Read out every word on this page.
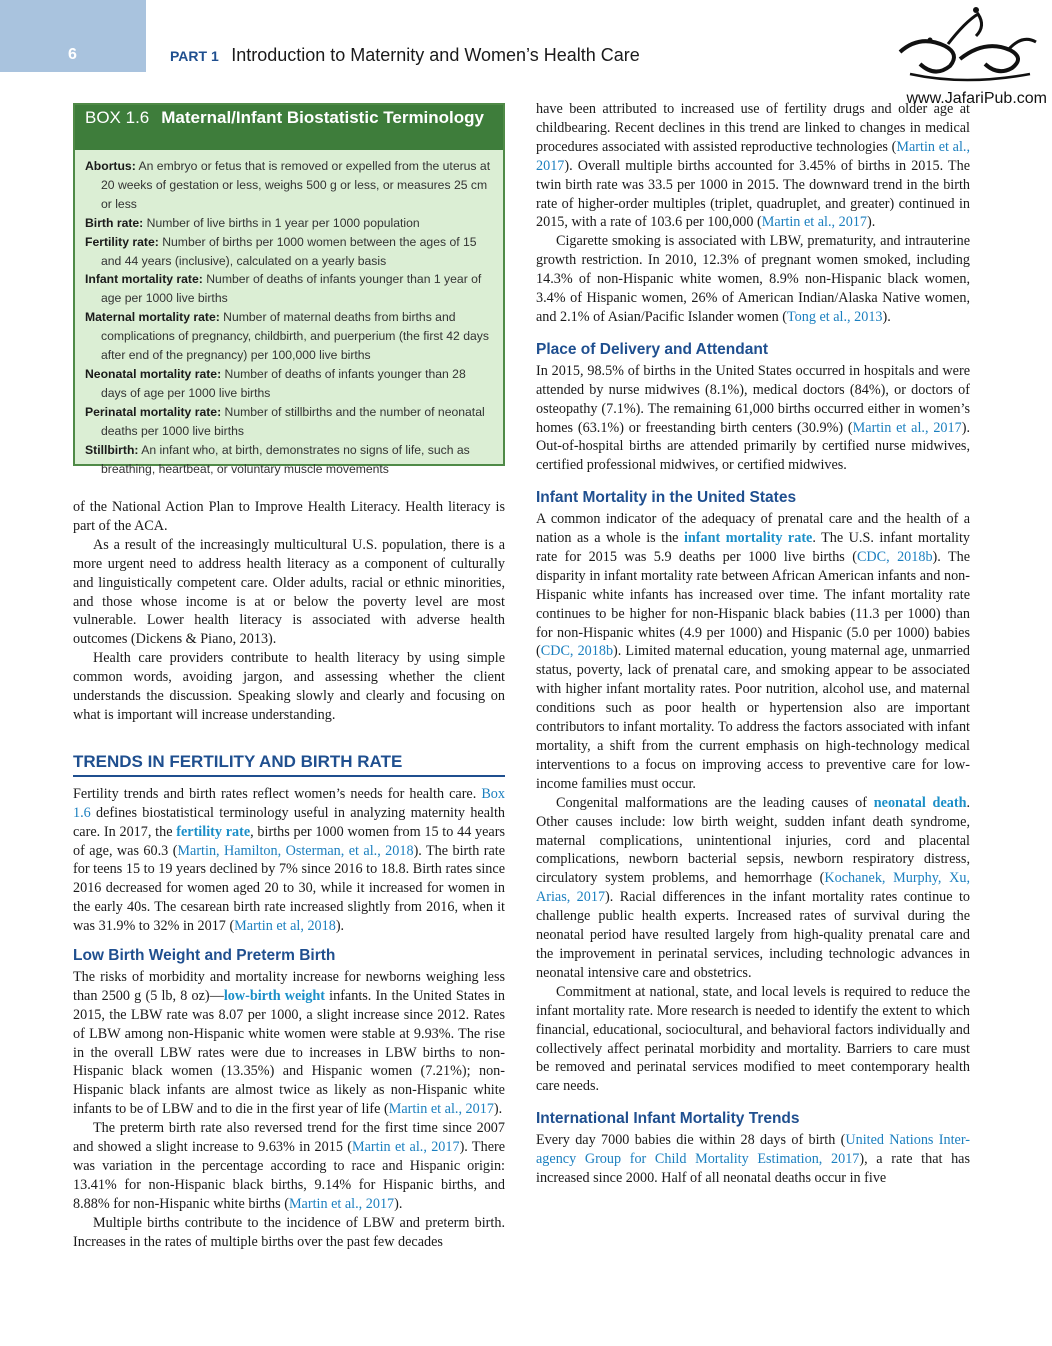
6	PART 1 Introduction to Maternity and Women’s Health Care
www.JafariPub.com
BOX 1.6 Maternal/Infant Biostatistic Terminology
Abortus: An embryo or fetus that is removed or expelled from the uterus at 20 weeks of gestation or less, weighs 500 g or less, or measures 25 cm or less
Birth rate: Number of live births in 1 year per 1000 population
Fertility rate: Number of births per 1000 women between the ages of 15 and 44 years (inclusive), calculated on a yearly basis
Infant mortality rate: Number of deaths of infants younger than 1 year of age per 1000 live births
Maternal mortality rate: Number of maternal deaths from births and complications of pregnancy, childbirth, and puerperium (the first 42 days after end of the pregnancy) per 100,000 live births
Neonatal mortality rate: Number of deaths of infants younger than 28 days of age per 1000 live births
Perinatal mortality rate: Number of stillbirths and the number of neonatal deaths per 1000 live births
Stillbirth: An infant who, at birth, demonstrates no signs of life, such as breathing, heartbeat, or voluntary muscle movements

of the National Action Plan to Improve Health Literacy. Health literacy is part of the ACA.

As a result of the increasingly multicultural U.S. population, there is a more urgent need to address health literacy as a component of culturally and linguistically competent care. Older adults, racial or ethnic minorities, and those whose income is at or below the poverty level are most vulnerable. Lower health literacy is associated with adverse health outcomes (Dickens & Piano, 2013).

Health care providers contribute to health literacy by using simple common words, avoiding jargon, and assessing whether the client understands the discussion. Speaking slowly and clearly and focusing on what is important will increase understanding.

TRENDS IN FERTILITY AND BIRTH RATE

Fertility trends and birth rates reflect women’s needs for health care. Box 1.6 defines biostatistical terminology useful in analyzing maternity health care. In 2017, the fertility rate, births per 1000 women from 15 to 44 years of age, was 60.3 (Martin, Hamilton, Osterman, et al., 2018). The birth rate for teens 15 to 19 years declined by 7% since 2016 to 18.8. Birth rates since 2016 decreased for women aged 20 to 30, while it increased for women in the early 40s. The cesarean birth rate increased slightly from 2016, when it was 31.9% to 32% in 2017 (Martin et al, 2018).

Low Birth Weight and Preterm Birth

The risks of morbidity and mortality increase for newborns weighing less than 2500 g (5 lb, 8 oz)—low-birth weight infants. In the United States in 2015, the LBW rate was 8.07 per 1000, a slight increase since 2012. Rates of LBW among non-Hispanic white women were stable at 9.93%. The rise in the overall LBW rates were due to increases in LBW births to non-Hispanic black women (13.35%) and Hispanic women (7.21%); non-Hispanic black infants are almost twice as likely as non-Hispanic white infants to be of LBW and to die in the first year of life (Martin et al., 2017).

The preterm birth rate also reversed trend for the first time since 2007 and showed a slight increase to 9.63% in 2015 (Martin et al., 2017). There was variation in the percentage according to race and Hispanic origin: 13.41% for non-Hispanic black births, 9.14% for Hispanic births, and 8.88% for non-Hispanic white births (Martin et al., 2017).

Multiple births contribute to the incidence of LBW and preterm birth. Increases in the rates of multiple births over the past few decades

have been attributed to increased use of fertility drugs and older age at childbearing. Recent declines in this trend are linked to changes in medical procedures associated with assisted reproductive technologies (Martin et al., 2017). Overall multiple births accounted for 3.45% of births in 2015. The twin birth rate was 33.5 per 1000 in 2015. The downward trend in the birth rate of higher-order multiples (triplet, quadruplet, and greater) continued in 2015, with a rate of 103.6 per 100,000 (Martin et al., 2017).

Cigarette smoking is associated with LBW, prematurity, and intrauterine growth restriction. In 2010, 12.3% of pregnant women smoked, including 14.3% of non-Hispanic white women, 8.9% non-Hispanic black women, 3.4% of Hispanic women, 26% of American Indian/Alaska Native women, and 2.1% of Asian/Pacific Islander women (Tong et al., 2013).

Place of Delivery and Attendant

In 2015, 98.5% of births in the United States occurred in hospitals and were attended by nurse midwives (8.1%), medical doctors (84%), or doctors of osteopathy (7.1%). The remaining 61,000 births occurred either in women’s homes (63.1%) or freestanding birth centers (30.9%) (Martin et al., 2017). Out-of-hospital births are attended primarily by certified nurse midwives, certified professional midwives, or certified midwives.

Infant Mortality in the United States

A common indicator of the adequacy of prenatal care and the health of a nation as a whole is the infant mortality rate. The U.S. infant mortality rate for 2015 was 5.9 deaths per 1000 live births (CDC, 2018b). The disparity in infant mortality rate between African American infants and non-Hispanic white infants has increased over time. The infant mortality rate continues to be higher for non-Hispanic black babies (11.3 per 1000) than for non-Hispanic whites (4.9 per 1000) and Hispanic (5.0 per 1000) babies (CDC, 2018b). Limited maternal education, young maternal age, unmarried status, poverty, lack of prenatal care, and smoking appear to be associated with higher infant mortality rates. Poor nutrition, alcohol use, and maternal conditions such as poor health or hypertension also are important contributors to infant mortality. To address the factors associated with infant mortality, a shift from the current emphasis on high-technology medical interventions to a focus on improving access to preventive care for low-income families must occur.

Congenital malformations are the leading causes of neonatal death. Other causes include: low birth weight, sudden infant death syndrome, maternal complications, unintentional injuries, cord and placental complications, newborn bacterial sepsis, newborn respiratory distress, circulatory system problems, and hemorrhage (Kochanek, Murphy, Xu, Arias, 2017). Racial differences in the infant mortality rates continue to challenge public health experts. Increased rates of survival during the neonatal period have resulted largely from high-quality prenatal care and the improvement in perinatal services, including technologic advances in neonatal intensive care and obstetrics.

Commitment at national, state, and local levels is required to reduce the infant mortality rate. More research is needed to identify the extent to which financial, educational, sociocultural, and behavioral factors individually and collectively affect perinatal morbidity and mortality. Barriers to care must be removed and perinatal services modified to meet contemporary health care needs.

International Infant Mortality Trends

Every day 7000 babies die within 28 days of birth (United Nations Inter-agency Group for Child Mortality Estimation, 2017), a rate that has increased since 2000. Half of all neonatal deaths occur in five
